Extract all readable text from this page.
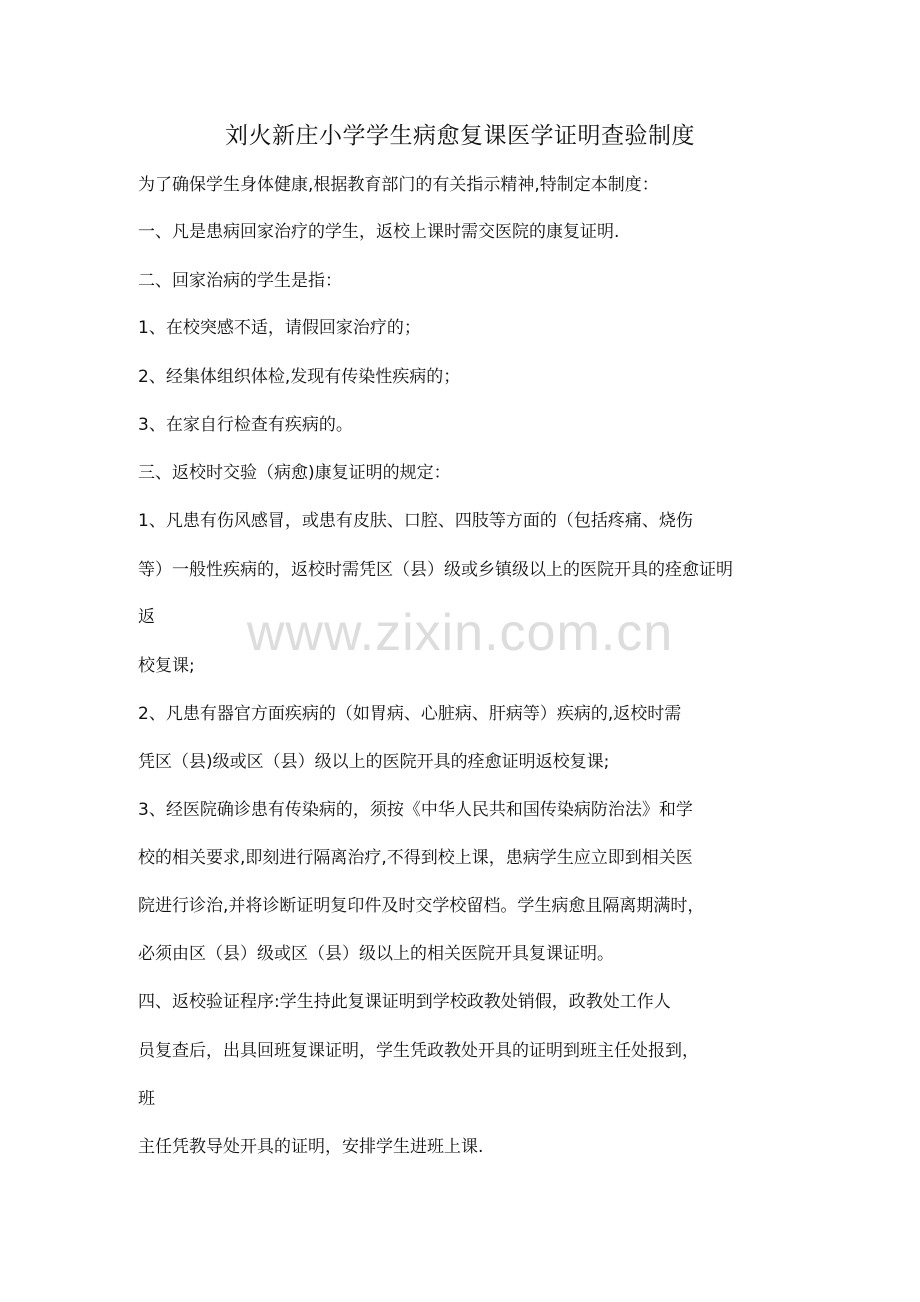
刘火新庄小学学生病愈复课医学证明查验制度
为了确保学生身体健康,根据教育部门的有关指示精神,特制定本制度：
一、凡是患病回家治疗的学生，返校上课时需交医院的康复证明.
二、回家治病的学生是指：
1、在校突感不适，请假回家治疗的；
2、经集体组织体检,发现有传染性疾病的；
3、在家自行检查有疾病的。
三、返校时交验（病愈)康复证明的规定：
1、凡患有伤风感冒，或患有皮肤、口腔、四肢等方面的（包括疼痛、烧伤
等）一般性疾病的，返校时需凭区（县）级或乡镇级以上的医院开具的痊愈证明
返
校复课;
2、凡患有器官方面疾病的（如胃病、心脏病、肝病等）疾病的,返校时需
凭区（县)级或区（县）级以上的医院开具的痊愈证明返校复课;
3、经医院确诊患有传染病的，须按《中华人民共和国传染病防治法》和学
校的相关要求,即刻进行隔离治疗,不得到校上课，患病学生应立即到相关医
院进行诊治,并将诊断证明复印件及时交学校留档。学生病愈且隔离期满时，
必须由区（县）级或区（县）级以上的相关医院开具复课证明。
四、返校验证程序:学生持此复课证明到学校政教处销假，政教处工作人
员复查后，出具回班复课证明，学生凭政教处开具的证明到班主任处报到，
班
主任凭教导处开具的证明，安排学生进班上课.
www.zixin.com.cn
